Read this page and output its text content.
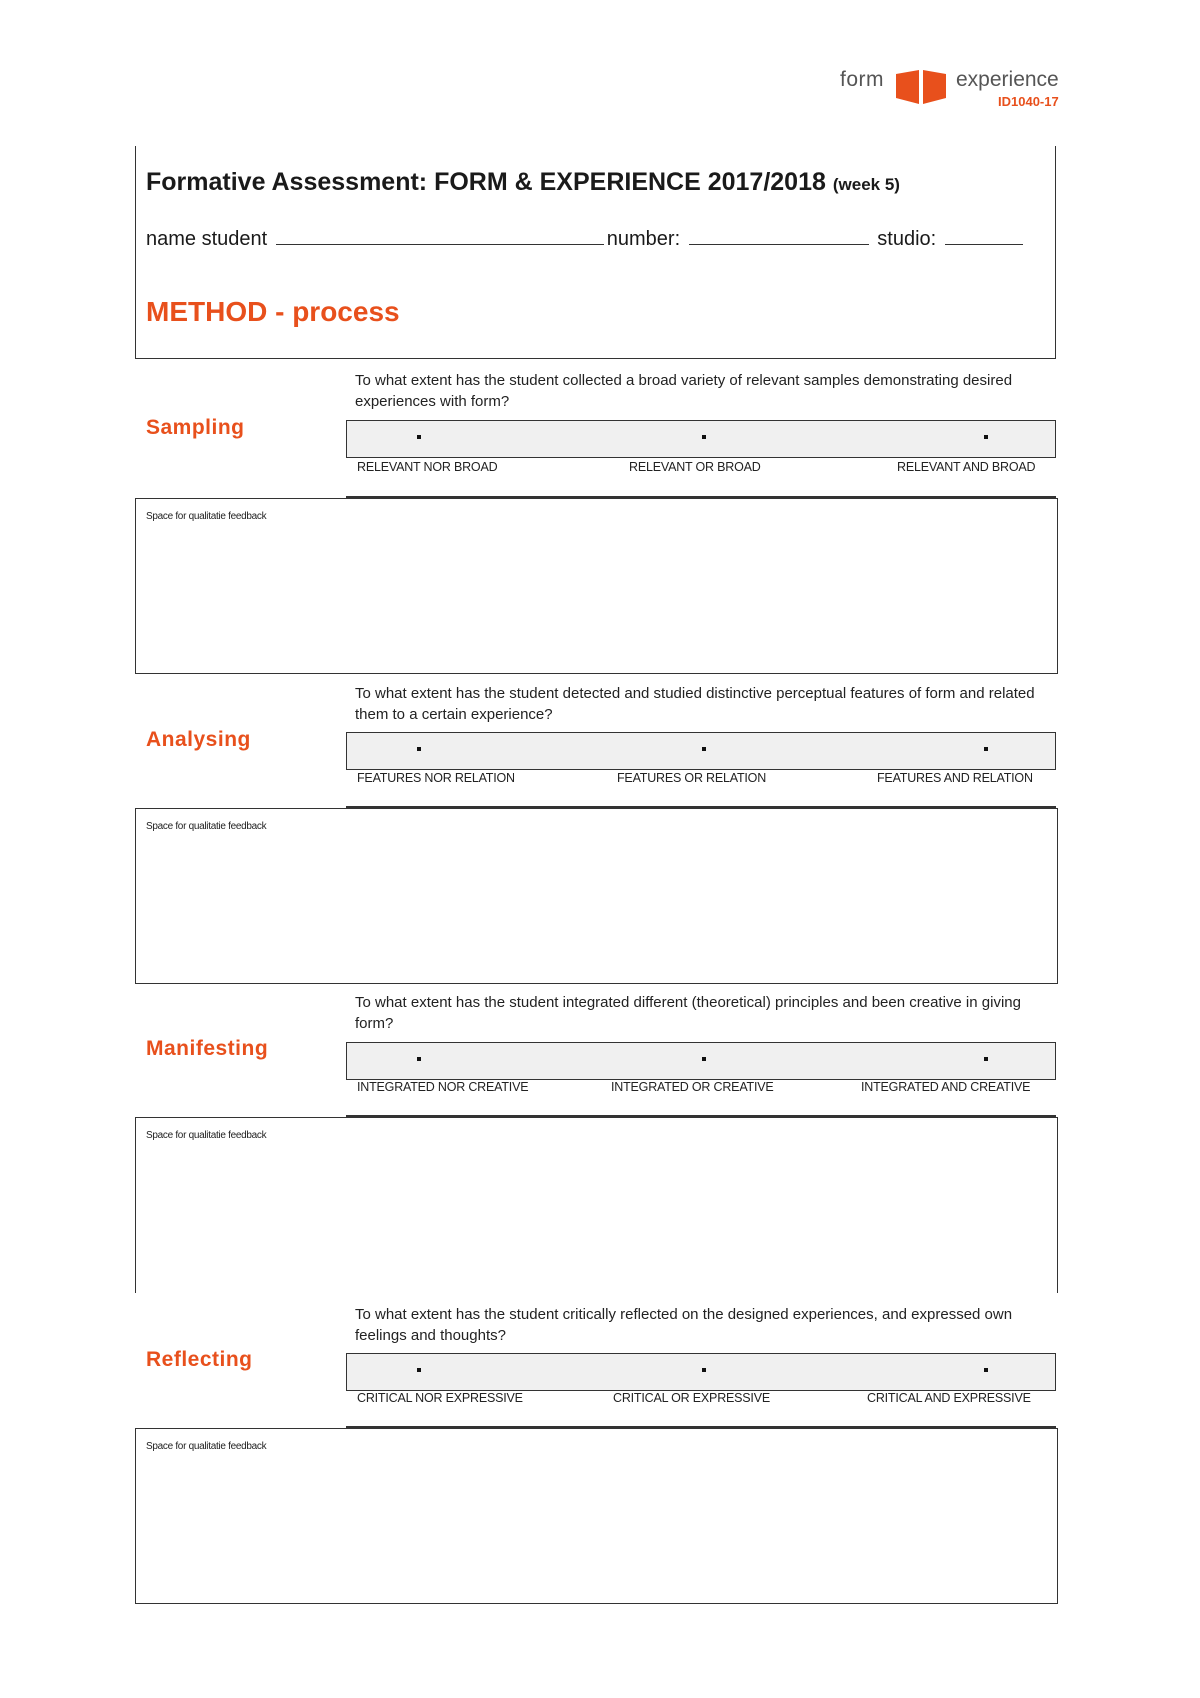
form	experience
ID1040-17
Formative Assessment: FORM & EXPERIENCE 2017/2018 (week 5)
name student	number:	studio:
METHOD - process
Sampling
To what extent has the student collected a broad variety of relevant samples demonstrating desired experiences with form?
RELEVANT NOR BROAD	RELEVANT OR BROAD	RELEVANT AND BROAD
Space for qualitatie feedback
Analysing
To what extent has the student detected and studied distinctive perceptual features of form and related them to a certain experience?
FEATURES NOR RELATION	FEATURES OR RELATION	FEATURES AND RELATION
Space for qualitatie feedback
Manifesting
To what extent has the student integrated different (theoretical) principles and been creative in giving form?
INTEGRATED NOR CREATIVE	INTEGRATED OR CREATIVE	INTEGRATED AND CREATIVE
Space for qualitatie feedback
Reflecting
To what extent has the student critically reflected on the designed experiences, and expressed own feelings and thoughts?
CRITICAL NOR EXPRESSIVE	CRITICAL OR EXPRESSIVE	CRITICAL AND EXPRESSIVE
Space for qualitatie feedback
